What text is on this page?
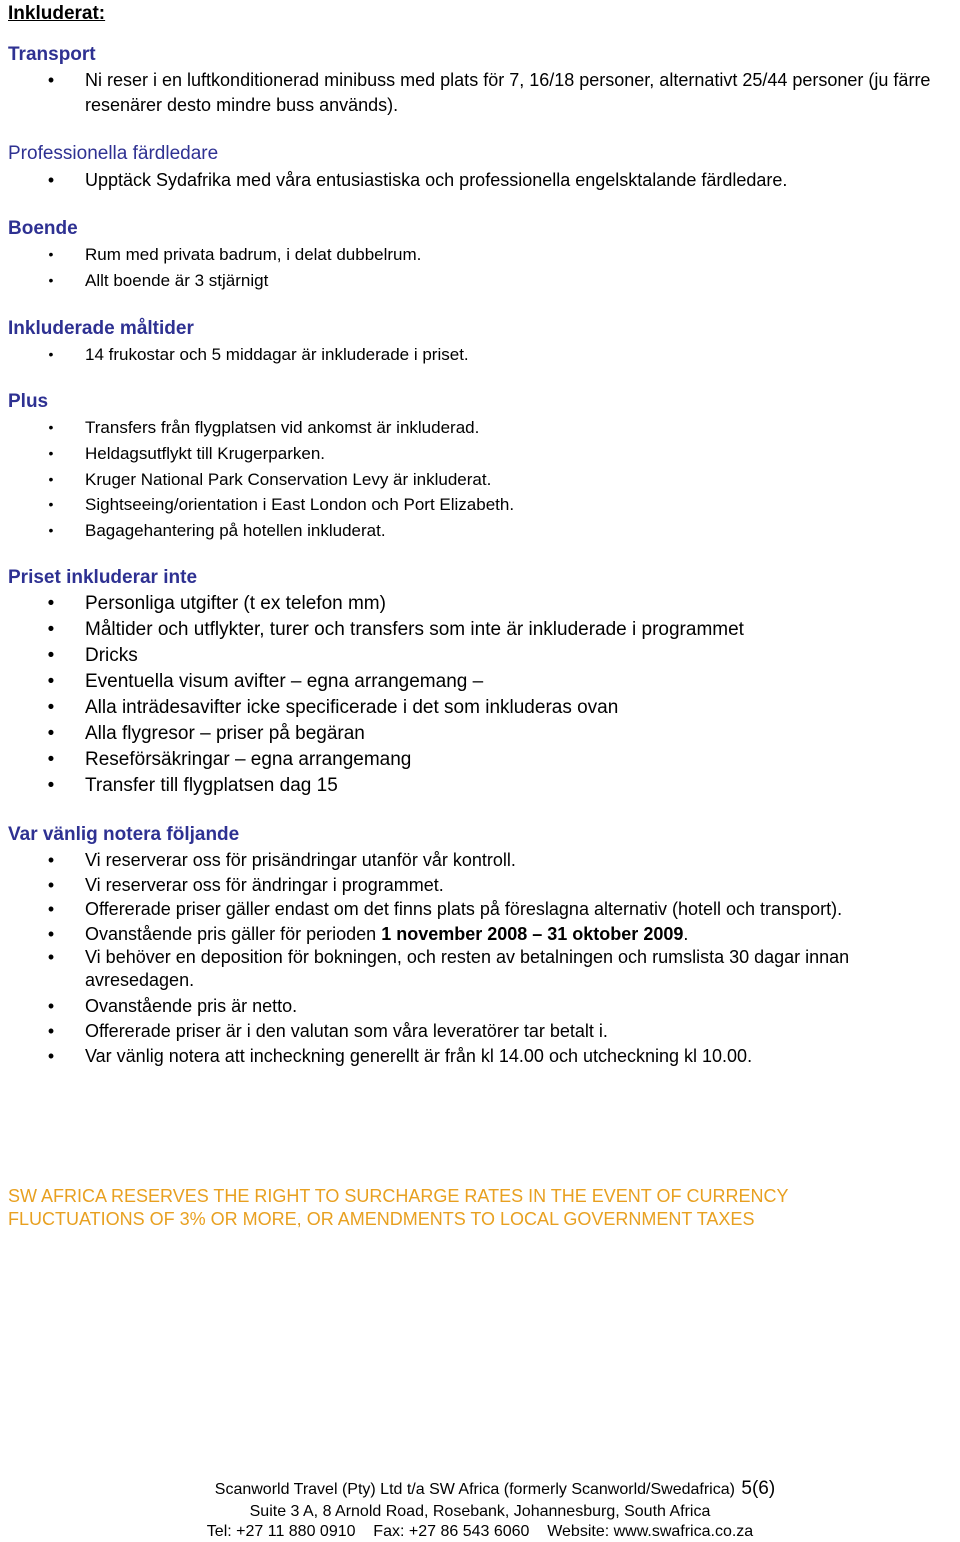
Inkluderat:

Transport

• Ni reser i en luftkonditionerad minibuss med plats för 7, 16/18 personer, alternativt 25/44 personer (ju färre resenärer desto mindre buss används).

Professionella färdledare

• Upptäck Sydafrika med våra entusiastiska och professionella engelsktalande färdledare.

Boende

• Rum med privata badrum, i delat dubbelrum.
• Allt boende är 3 stjärnigt

Inkluderade måltider

• 14 frukostar och 5 middagar är inkluderade i priset.

Plus

• Transfers från flygplatsen vid ankomst är inkluderad.
• Heldagsutflykt till Krugerparken.
• Kruger National Park Conservation Levy är inkluderat.
• Sightseeing/orientation i East London och Port Elizabeth.
• Bagagehantering på hotellen inkluderat.

Priset inkluderar inte

• Personliga utgifter (t ex telefon mm)
• Måltider och utflykter, turer och transfers som inte är inkluderade i programmet
• Dricks
• Eventuella visum avifter – egna arrangemang –
• Alla inträdesavifter icke specificerade i det som inkluderas ovan
• Alla flygresor – priser på begäran
• Reseförsäkringar – egna arrangemang
• Transfer till flygplatsen dag 15

Var vänlig notera följande

• Vi reserverar oss för prisändringar utanför vår kontroll.
• Vi reserverar oss för ändringar i programmet.
• Offererade priser gäller endast om det finns plats på föreslagna alternativ (hotell och transport).
• Ovanstående pris gäller för perioden 1 november 2008 – 31 oktober 2009.
• Vi behöver en deposition för bokningen, och resten av betalningen och rumslista 30 dagar innan avresedagen.
• Ovanstående pris är netto.
• Offererade priser är i den valutan som våra leveratörer tar betalt i.
• Var vänlig notera att incheckning generellt är från kl 14.00 och utcheckning kl 10.00.
SW AFRICA RESERVES THE RIGHT TO SURCHARGE RATES IN THE EVENT OF CURRENCY
FLUCTUATIONS OF 3% OR MORE, OR AMENDMENTS TO LOCAL GOVERNMENT TAXES
Scanworld Travel (Pty) Ltd t/a SW Africa (formerly Scanworld/Swedafrica) 5(6)
Suite 3 A, 8 Arnold Road, Rosebank, Johannesburg, South Africa
Tel: +27 11 880 0910    Fax: +27 86 543 6060    Website: www.swafrica.co.za
